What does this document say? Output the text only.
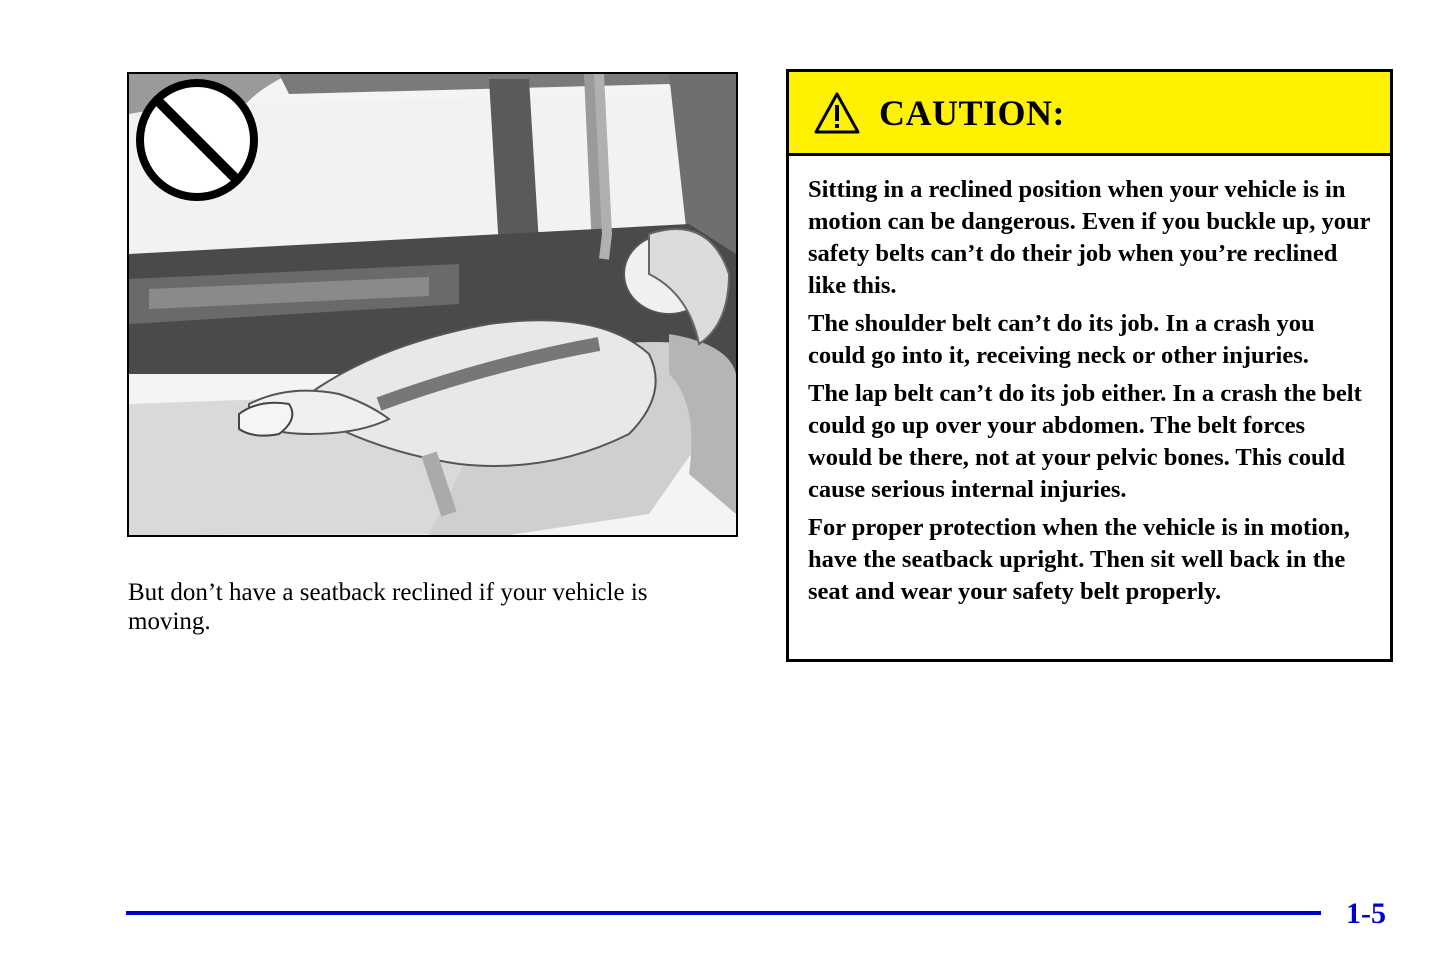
But don’t have a seatback reclined if your vehicle is moving.
CAUTION:

Sitting in a reclined position when your vehicle is in motion can be dangerous. Even if you buckle up, your safety belts can’t do their job when you’re reclined like this.

The shoulder belt can’t do its job. In a crash you could go into it, receiving neck or other injuries.

The lap belt can’t do its job either. In a crash the belt could go up over your abdomen. The belt forces would be there, not at your pelvic bones. This could cause serious internal injuries.

For proper protection when the vehicle is in motion, have the seatback upright. Then sit well back in the seat and wear your safety belt properly.

1-5
